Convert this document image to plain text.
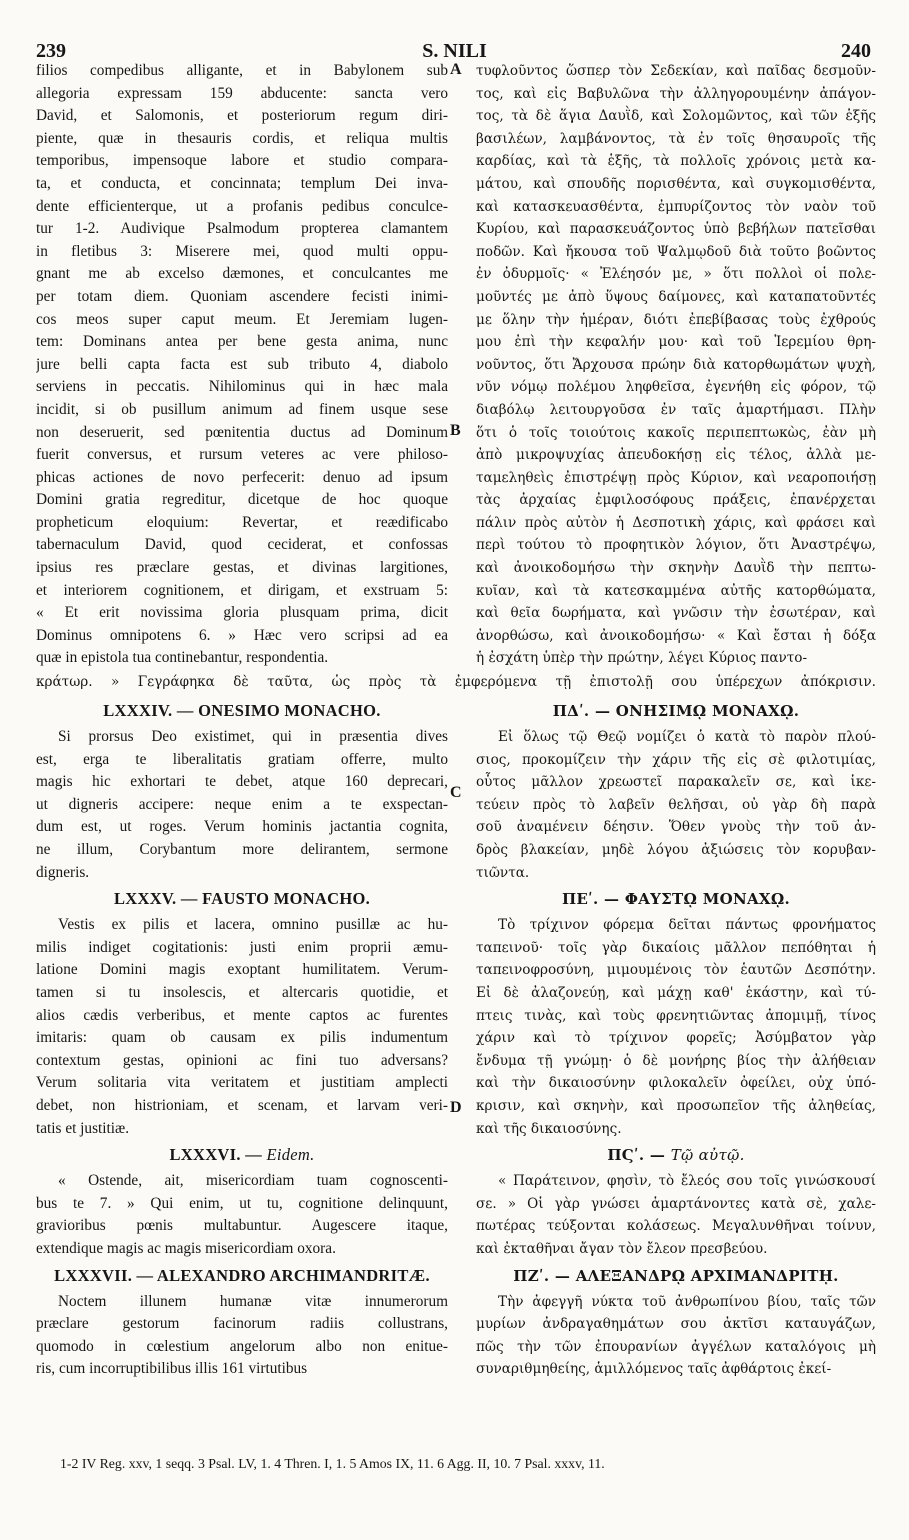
239	S. NILI	240
filios compedibus alligante, et in Babylonem sub
allegoria expressam 159 abducente: sancta vero
David, et Salomonis, et posteriorum regum diri-
piente, quæ in thesauris cordis, et reliqua multis
temporibus, impensoque labore et studio compara-
ta, et conducta, et concinnata; templum Dei inva-
dente efficienterque, ut a profanis pedibus conculce-
tur 1-2. Audivique Psalmodum propterea clamantem
in fletibus 3: Miserere mei, quod multi oppu-
gnant me ab excelso dæmones, et conculcantes me
per totam diem. Quoniam ascendere fecisti inimi-
cos meos super caput meum. Et Jeremiam lugen-
tem: Dominans antea per bene gesta anima, nunc
jure belli capta facta est sub tributo 4, diabolo
serviens in peccatis. Nihilominus qui in hæc mala
incidit, si ob pusillum animum ad finem usque sese
non deseruerit, sed pœnitentia ductus ad Dominum
fuerit conversus, et rursum veteres ac vere philoso-
phicas actiones de novo perfecerit: denuo ad ipsum
Domini gratia regreditur, dicetque de hoc quoque
propheticum eloquium: Revertar, et reædificabo
tabernaculum David, quod ceciderat, et confossas
ipsius res præclare gestas, et divinas largitiones,
et interiorem cognitionem, et dirigam, et exstruam 5:
« Et erit novissima gloria plusquam prima, dicit
Dominus omnipotens 6. » Hæc vero scripsi ad ea
quæ in epistola tua continebantur, respondentia.
LXXXIV. — ONESIMO MONACHO.
Si prorsus Deo existimet, qui in præsentia dives
est, erga te liberalitatis gratiam offerre, multo
magis hic exhortari te debet, atque 160 deprecari,
ut digneris accipere: neque enim a te exspectan-
dum est, ut roges. Verum hominis jactantia cognita,
ne illum, Corybantum more delirantem, sermone
digneris.
LXXXV. — FAUSTO MONACHO.
Vestis ex pilis et lacera, omnino pusillæ ac hu-
milis indiget cogitationis: justi enim proprii æmu-
latione Domini magis exoptant humilitatem. Verum-
tamen si tu insolescis, et altercaris quotidie, et
alios cædis verberibus, et mente captos ac furentes
imitaris: quam ob causam ex pilis indumentum
contextum gestas, opinioni ac fini tuo adversans?
Verum solitaria vita veritatem et justitiam amplecti
debet, non histrioniam, et scenam, et larvam veri-
tatis et justitiæ.
LXXXVI. — Eidem.
« Ostende, ait, misericordiam tuam cognoscenti-
bus te 7. » Qui enim, ut tu, cognitione delinquunt,
gravioribus pœnis multabuntur. Augescere itaque,
extendique magis ac magis misericordiam oxora.
LXXXVII. — ALEXANDRO ARCHIMANDRITÆ.
Noctem illunem humanæ vitæ innumerorum
præclare gestorum facinorum radiis collustrans,
quomodo in cœlestium angelorum albo non enitue-
ris, cum incorruptibilibus illis 161 virtutibus
τυφλοῦντος ὥσπερ τὸν Σεδεκίαν, καὶ παῖδας δεσμοῦν-
τος, καὶ εἰς Βαβυλῶνα τὴν ἀλληγορουμένην ἀπάγον-
τος, τὰ δὲ ἅγια Δαυῒδ, καὶ Σολομῶντος, καὶ τῶν ἑξῆς
βασιλέων, λαμβάνοντος, τὰ ἐν τοῖς θησαυροῖς τῆς
καρδίας, καὶ τὰ ἑξῆς, τὰ πολλοῖς χρόνοις μετὰ κα-
μάτου, καὶ σπουδῆς πορισθέντα, καὶ συγκομισθέντα,
καὶ κατασκευασθέντα, ἐμπυρίζοντος τὸν ναὸν τοῦ
Κυρίου, καὶ παρασκευάζοντος ὑπὸ βεβήλων πατεῖσθαι
ποδῶν. Καὶ ἤκουσα τοῦ Ψαλμῳδοῦ διὰ τοῦτο βοῶντος
ἐν ὀδυρμοῖς· « Ἐλέησόν με, » ὅτι πολλοὶ οἱ πολε-
μοῦντές με ἀπὸ ὕψους δαίμονες, καὶ καταπατοῦντές
με ὅλην τὴν ἡμέραν, διότι ἐπεβίβασας τοὺς ἐχθρούς
μου ἐπὶ τὴν κεφαλήν μου· καὶ τοῦ Ἱερεμίου θρη-
νοῦντος, ὅτι Ἄρχουσα πρώην διὰ κατορθωμάτων ψυχὴ,
νῦν νόμῳ πολέμου ληφθεῖσα, ἐγενήθη εἰς φόρον, τῷ
διαβόλῳ λειτουργοῦσα ἐν ταῖς ἁμαρτήμασι. Πλὴν
ὅτι ὁ τοῖς τοιούτοις κακοῖς περιπεπτωκὼς, ἐὰν μὴ
ἀπὸ μικροψυχίας ἀπευδοκήσῃ εἰς τέλος, ἀλλὰ με-
ταμεληθεὶς ἐπιστρέψῃ πρὸς Κύριον, καὶ νεαροποιήσῃ
τὰς ἀρχαίας ἐμφιλοσόφους πράξεις, ἐπανέρχεται
πάλιν πρὸς αὐτὸν ἡ Δεσποτικὴ χάρις, καὶ φράσει καὶ
περὶ τούτου τὸ προφητικὸν λόγιον, ὅτι Ἀναστρέψω,
καὶ ἀνοικοδομήσω τὴν σκηνὴν Δαυῒδ τὴν πεπτω-
κυῖαν, καὶ τὰ κατεσκαμμένα αὐτῆς κατορθώματα,
καὶ θεῖα δωρήματα, καὶ γνῶσιν τὴν ἐσωτέραν, καὶ
ἀνορθώσω, καὶ ἀνοικοδομήσω· « Καὶ ἔσται ἡ δόξα
ἡ ἐσχάτη ὑπὲρ τὴν πρώτην, λέγει Κύριος παντο-
ΠΔʹ. — ΟΝΗΣΙΜῼ ΜΟΝΑΧῼ.
Εἰ ὅλως τῷ Θεῷ νομίζει ὁ κατὰ τὸ παρὸν πλού-
σιος, προκομίζειν τὴν χάριν τῆς εἰς σὲ φιλοτιμίας,
οὗτος μᾶλλον χρεωστεῖ παρακαλεῖν σε, καὶ ἱκε-
τεύειν πρὸς τὸ λαβεῖν θελῆσαι, οὐ γὰρ δὴ παρὰ
σοῦ ἀναμένειν δέησιν. Ὅθεν γνοὺς τὴν τοῦ ἀν-
δρὸς βλακείαν, μηδὲ λόγου ἀξιώσεις τὸν κορυβαν-
τιῶντα.
ΠΕʹ. — ΦΑΥΣΤῼ ΜΟΝΑΧῼ.
Τὸ τρίχινον φόρεμα δεῖται πάντως φρονήματος
ταπεινοῦ· τοῖς γὰρ δικαίοις μᾶλλον πεπόθηται ἡ
ταπεινοφροσύνη, μιμουμένοις τὸν ἑαυτῶν Δεσπότην.
Εἰ δὲ ἀλαζονεύῃ, καὶ μάχῃ καθ' ἑκάστην, καὶ τύ-
πτεις τινὰς, καὶ τοὺς φρενητιῶντας ἀπομιμῇ, τίνος
χάριν καὶ τὸ τρίχινον φορεῖς; Ἀσύμβατον γὰρ
ἔνδυμα τῇ γνώμῃ· ὁ δὲ μονήρης βίος τὴν ἀλήθειαν
καὶ τὴν δικαιοσύνην φιλοκαλεῖν ὀφείλει, οὐχ ὑπό-
κρισιν, καὶ σκηνὴν, καὶ προσωπεῖον τῆς ἀληθείας,
καὶ τῆς δικαιοσύνης.
ΠϚʹ. — Τῷ αὐτῷ.
« Παράτεινον, φησὶν, τὸ ἔλεός σου τοῖς γινώσκουσί
σε. » Οἱ γὰρ γνώσει ἁμαρτάνοντες κατὰ σὲ, χαλε-
πωτέρας τεύξονται κολάσεως. Μεγαλυνθῆναι τοίνυν,
καὶ ἐκταθῆναι ἄγαν τὸν ἔλεον πρεσβεύου.
ΠΖʹ. — ΑΛΕΞΑΝΔΡῼ ΑΡΧΙΜΑΝΔΡΙΤῌ.
Τὴν ἀφεγγῆ νύκτα τοῦ ἀνθρωπίνου βίου, ταῖς τῶν
μυρίων ἀνδραγαθημάτων σου ἀκτῖσι καταυγάζων,
πῶς τὴν τῶν ἐπουρανίων ἀγγέλων καταλόγοις μὴ
συναριθμηθείης, ἁμιλλόμενος ταῖς ἀφθάρτοις ἐκεί-
κράτωρ. » Γεγράφηκα δὲ ταῦτα, ὡς πρὸς τὰ ἐμφερόμενα τῇ ἐπιστολῇ σου ὑπέρεχων ἀπόκρισιν.
A
B
C
D
1-2 IV Reg. xxv, 1 seqq. 3 Psal. LV, 1. 4 Thren. I, 1. 5 Amos IX, 11. 6 Agg. II, 10. 7 Psal. xxxv, 11.
